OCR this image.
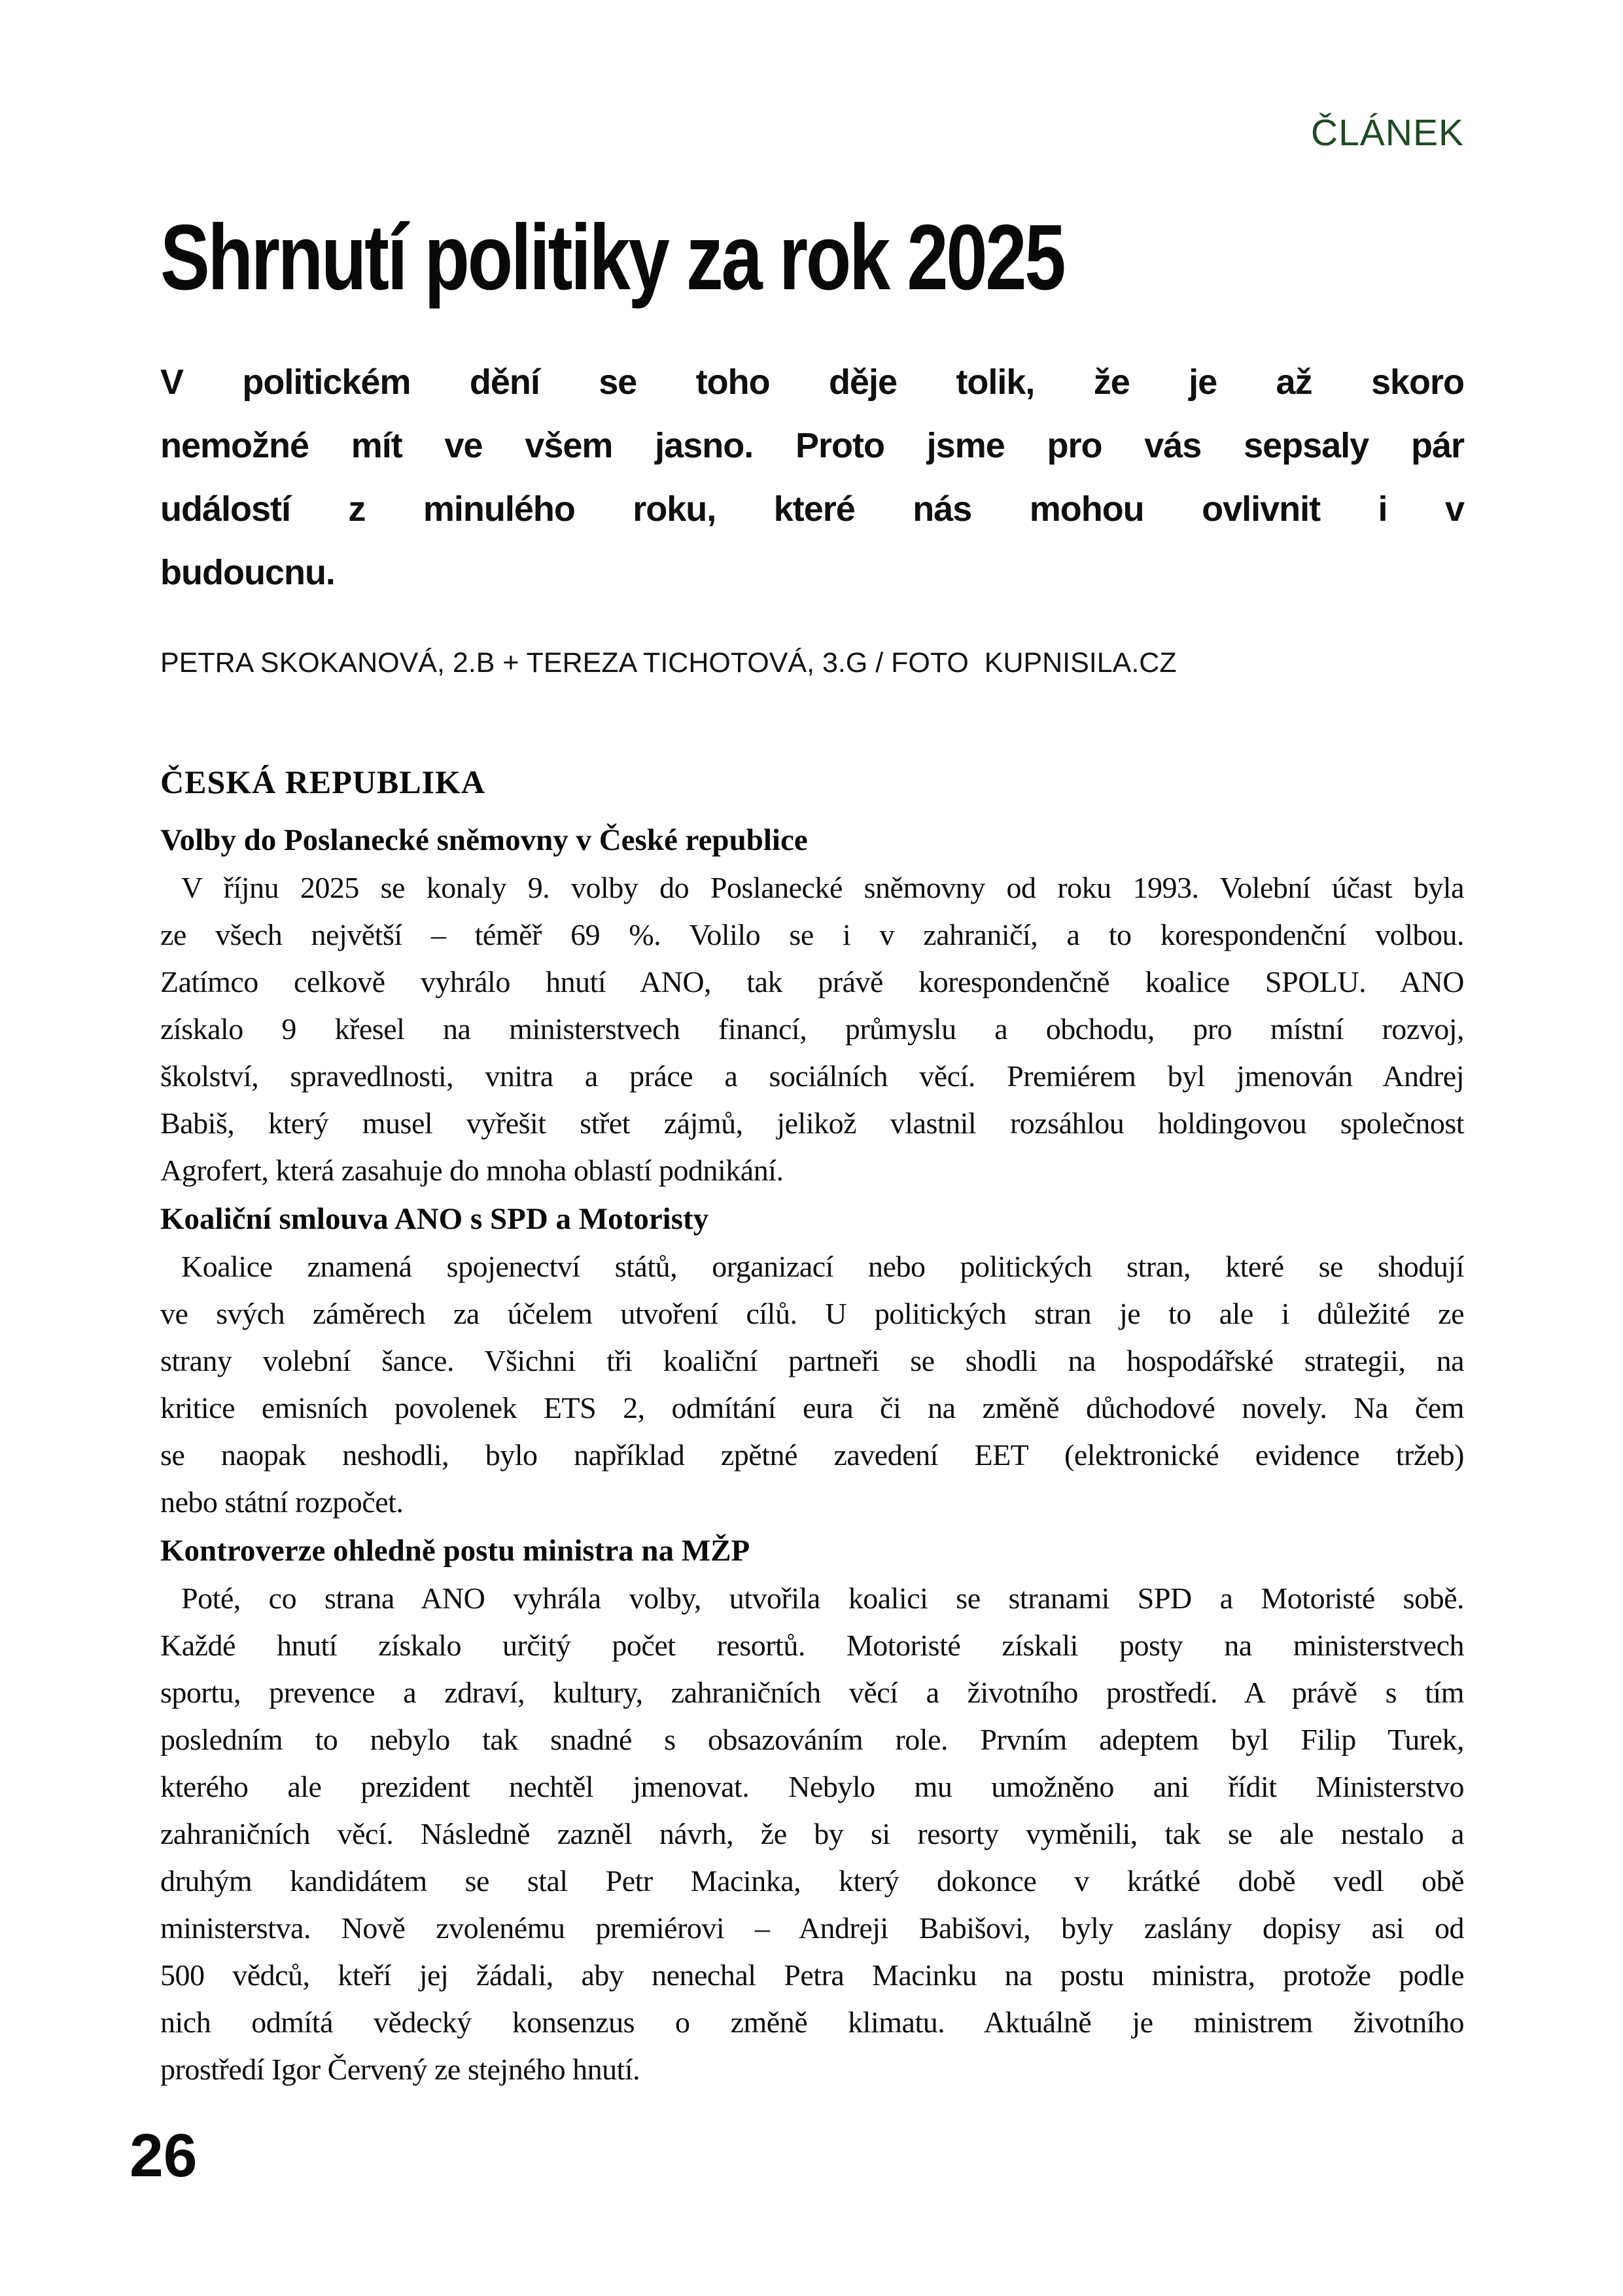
ČLÁNEK
Shrnutí politiky za rok 2025
V politickém dění se toho děje tolik, že je až skoro
nemožné mít ve všem jasno. Proto jsme pro vás sepsaly pár
událostí z minulého roku, které nás mohou ovlivnit i v
budoucnu.
PETRA SKOKANOVÁ, 2.B + TEREZA TICHOTOVÁ, 3.G / FOTO  KUPNISILA.CZ
ČESKÁ REPUBLIKA
Volby do Poslanecké sněmovny v České republice
V říjnu 2025 se konaly 9. volby do Poslanecké sněmovny od roku 1993. Volební účast byla
ze všech největší – téměř 69 %. Volilo se i v zahraničí, a to korespondenční volbou.
Zatímco celkově vyhrálo hnutí ANO, tak právě korespondenčně koalice SPOLU. ANO
získalo 9 křesel na ministerstvech financí, průmyslu a obchodu, pro místní rozvoj,
školství, spravedlnosti, vnitra a práce a sociálních věcí. Premiérem byl jmenován Andrej
Babiš, který musel vyřešit střet zájmů, jelikož vlastnil rozsáhlou holdingovou společnost
Agrofert, která zasahuje do mnoha oblastí podnikání.
Koaliční smlouva ANO s SPD a Motoristy
Koalice znamená spojenectví států, organizací nebo politických stran, které se shodují
ve svých záměrech za účelem utvoření cílů. U politických stran je to ale i důležité ze
strany volební šance. Všichni tři koaliční partneři se shodli na hospodářské strategii, na
kritice emisních povolenek ETS 2, odmítání eura či na změně důchodové novely. Na čem
se naopak neshodli, bylo například zpětné zavedení EET (elektronické evidence tržeb)
nebo státní rozpočet.
Kontroverze ohledně postu ministra na MŽP
Poté, co strana ANO vyhrála volby, utvořila koalici se stranami SPD a Motoristé sobě.
Každé hnutí získalo určitý počet resortů. Motoristé získali posty na ministerstvech
sportu, prevence a zdraví, kultury, zahraničních věcí a životního prostředí. A právě s tím
posledním to nebylo tak snadné s obsazováním role. Prvním adeptem byl Filip Turek,
kterého ale prezident nechtěl jmenovat. Nebylo mu umožněno ani řídit Ministerstvo
zahraničních věcí. Následně zazněl návrh, že by si resorty vyměnili, tak se ale nestalo a
druhým kandidátem se stal Petr Macinka, který dokonce v krátké době vedl obě
ministerstva. Nově zvolenému premiérovi – Andreji Babišovi, byly zaslány dopisy asi od
500 vědců, kteří jej žádali, aby nenechal Petra Macinku na postu ministra, protože podle
nich odmítá vědecký konsenzus o změně klimatu. Aktuálně je ministrem životního
prostředí Igor Červený ze stejného hnutí.
26
